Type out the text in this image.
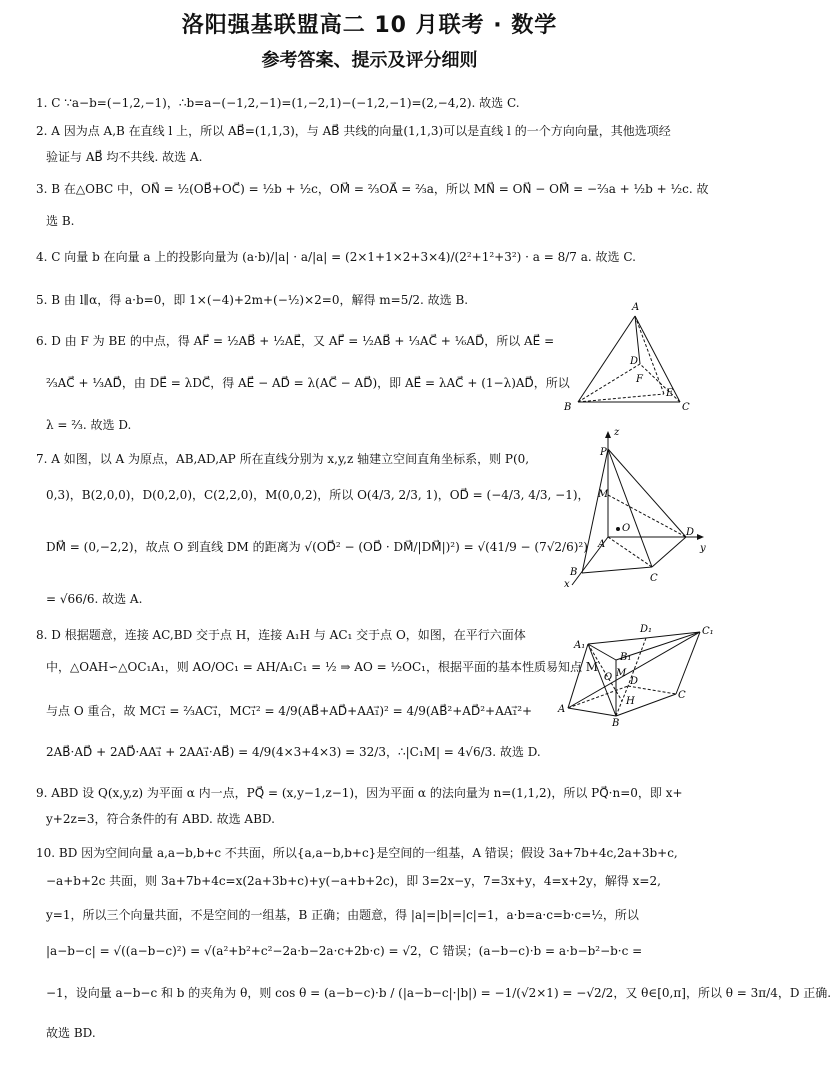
洛阳强基联盟高二 10 月联考 · 数学
参考答案、提示及评分细则
1. C ∵a−b=(−1,2,−1)，∴b=a−(−1,2,−1)=(1,−2,1)−(−1,2,−1)=(2,−4,2). 故选 C.
2. A 因为点 A,B 在直线 l 上，所以 AB⃗=(1,1,3)，与 AB⃗ 共线的向量(1,1,3)可以是直线 l 的一个方向向量，其他选项经
验证与 AB⃗ 均不共线. 故选 A.
3. B 在△OBC 中，ON⃗ = ½(OB⃗+OC⃗) = ½b + ½c，OM⃗ = ⅔OA⃗ = ⅔a，所以 MN⃗ = ON⃗ − OM⃗ = −⅔a + ½b + ½c. 故
选 B.
4. C 向量 b 在向量 a 上的投影向量为 (a·b)/|a| · a/|a| = (2×1+1×2+3×4)/(2²+1²+3²) · a = 8/7 a. 故选 C.
5. B 由 l∥α，得 a·b=0，即 1×(−4)+2m+(−½)×2=0，解得 m=5/2. 故选 B.
6. D 由 F 为 BE 的中点，得 AF⃗ = ½AB⃗ + ½AE⃗，又 AF⃗ = ½AB⃗ + ⅓AC⃗ + ⅙AD⃗，所以 AE⃗ =
⅔AC⃗ + ⅓AD⃗，由 DE⃗ = λDC⃗，得 AE⃗ − AD⃗ = λ(AC⃗ − AD⃗)，即 AE⃗ = λAC⃗ + (1−λ)AD⃗，所以
λ = ⅔. 故选 D.
7. A 如图，以 A 为原点，AB,AD,AP 所在直线分别为 x,y,z 轴建立空间直角坐标系，则 P(0,
0,3)，B(2,0,0)，D(0,2,0)，C(2,2,0)，M(0,0,2)，所以 O(4/3, 2/3, 1)，OD⃗ = (−4/3, 4/3, −1)，
DM⃗ = (0,−2,2)，故点 O 到直线 DM 的距离为 √(OD⃗² − (OD⃗ · DM⃗/|DM⃗|)²) = √(41/9 − (7√2/6)²)
= √66/6. 故选 A.
8. D 根据题意，连接 AC,BD 交于点 H，连接 A₁H 与 AC₁ 交于点 O，如图，在平行六面体
中，△OAH∽△OC₁A₁，则 AO/OC₁ = AH/A₁C₁ = ½ ⇒ AO = ½OC₁，根据平面的基本性质易知点 M
与点 O 重合，故 MC₁⃗ = ⅔AC₁⃗，MC₁⃗² = 4/9(AB⃗+AD⃗+AA₁⃗)² = 4/9(AB⃗²+AD⃗²+AA₁⃗²+
2AB⃗·AD⃗ + 2AD⃗·AA₁⃗ + 2AA₁⃗·AB⃗) = 4/9(4×3+4×3) = 32/3，∴|C₁M| = 4√6/3. 故选 D.
9. ABD 设 Q(x,y,z) 为平面 α 内一点，PQ⃗ = (x,y−1,z−1)，因为平面 α 的法向量为 n=(1,1,2)，所以 PQ⃗·n=0，即 x+
y+2z=3，符合条件的有 ABD. 故选 ABD.
10. BD 因为空间向量 a,a−b,b+c 不共面，所以{a,a−b,b+c}是空间的一组基，A 错误；假设 3a+7b+4c,2a+3b+c,
−a+b+2c 共面，则 3a+7b+4c=x(2a+3b+c)+y(−a+b+2c)，即 3=2x−y，7=3x+y，4=x+2y，解得 x=2,
y=1，所以三个向量共面，不是空间的一组基，B 正确；由题意，得 |a|=|b|=|c|=1，a·b=a·c=b·c=½，所以
|a−b−c| = √((a−b−c)²) = √(a²+b²+c²−2a·b−2a·c+2b·c) = √2，C 错误；(a−b−c)·b = a·b−b²−b·c =
−1，设向量 a−b−c 和 b 的夹角为 θ，则 cos θ = (a−b−c)·b / (|a−b−c|·|b|) = −1/(√2×1) = −√2/2，又 θ∈[0,π]，所以 θ = 3π/4，D 正确.
故选 BD.
A
B	C
D
E
F
P
z
M
O
A
D
y
B
C
x
D₁	C₁
A₁
B₁
O M
D
H
C
A
B
